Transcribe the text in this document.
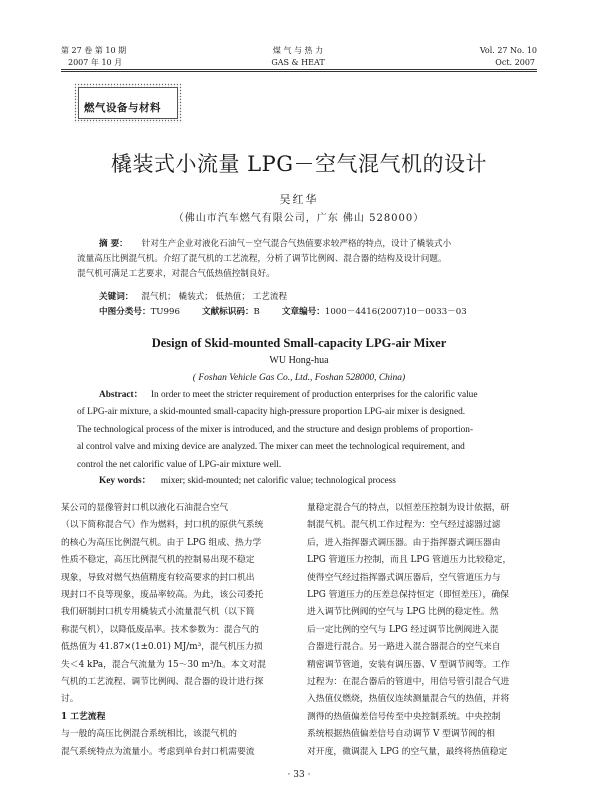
第 27 卷 第 10 期
2007 年 10 月
煤 气 与 热 力
GAS & HEAT
Vol. 27 No. 10
Oct. 2007
燃气设备与材料
橇装式小流量 LPG－空气混气机的设计
吴红华
（佛山市汽车燃气有限公司，广东 佛山 528000）
摘 要： 针对生产企业对液化石油气－空气混合气热值要求较严格的特点，设计了橇装式小
流量高压比例混气机。介绍了混气机的工艺流程，分析了调节比例阀、混合器的结构及设计问题。
混气机可满足工艺要求，对混合气低热值控制良好。
关键词： 混气机； 橇装式； 低热值； 工艺流程
中图分类号：TU996	文献标识码：B	文章编号：1000－4416(2007)10－0033－03
Design of Skid-mounted Small-capacity LPG-air Mixer
WU Hong-hua
( Foshan Vehicle Gas Co., Ltd., Foshan 528000, China)
Abstract： In order to meet the stricter requirement of production enterprises for the calorific value
of LPG-air mixture, a skid-mounted small-capacity high-pressure proportion LPG-air mixer is designed.
The technological process of the mixer is introduced, and the structure and design problems of proportion-
al control valve and mixing device are analyzed. The mixer can meet the technological requirement, and
control the net calorific value of LPG-air mixture well.
Key words： mixer; skid-mounted; net calorific value; technological process
某公司的显像管封口机以液化石油混合空气
（以下简称混合气）作为燃料，封口机的原供气系统
的核心为高压比例混气机。由于 LPG 组成、热力学
性质不稳定，高压比例混气机的控制易出现不稳定
现象，导致对燃气热值精度有较高要求的封口机出
现封口不良等现象，废品率较高。为此，该公司委托
我们研制封口机专用橇装式小流量混气机（以下简
称混气机），以降低废品率。技术参数为：混合气的
低热值为 41.87×(1±0.01) MJ/m³，混气机压力损
失＜4 kPa，混合气流量为 15～30 m³/h。本文对混
气机的工艺流程、调节比例阀、混合器的设计进行探
讨。
1 工艺流程
与一般的高压比例混合系统相比，该混气机的
混气系统特点为流量小。考虑到单台封口机需要流
量稳定混合气的特点，以恒差压控制为设计依据，研
制混气机。混气机工作过程为：空气经过滤器过滤
后，进入指挥器式调压器。由于指挥器式调压器由
LPG 管道压力控制，而且 LPG 管道压力比较稳定，
使得空气经过指挥器式调压器后，空气管道压力与
LPG 管道压力的压差总保持恒定（即恒差压），确保
进入调节比例阀的空气与 LPG 比例的稳定性。然
后一定比例的空气与 LPG 经过调节比例阀进入混
合器进行混合。另一路进入混合器混合的空气来自
精密调节管道，安装有调压器、V 型调节阀等。工作
过程为：在混合器后的管道中，用信号管引混合气进
入热值仪燃烧，热值仪连续测量混合气的热值，并将
测得的热值偏差信号传至中央控制系统。中央控制
系统根据热值偏差信号自动调节 V 型调节阀的相
对开度，微调混入 LPG 的空气量，最终将热值稳定
· 33 ·
